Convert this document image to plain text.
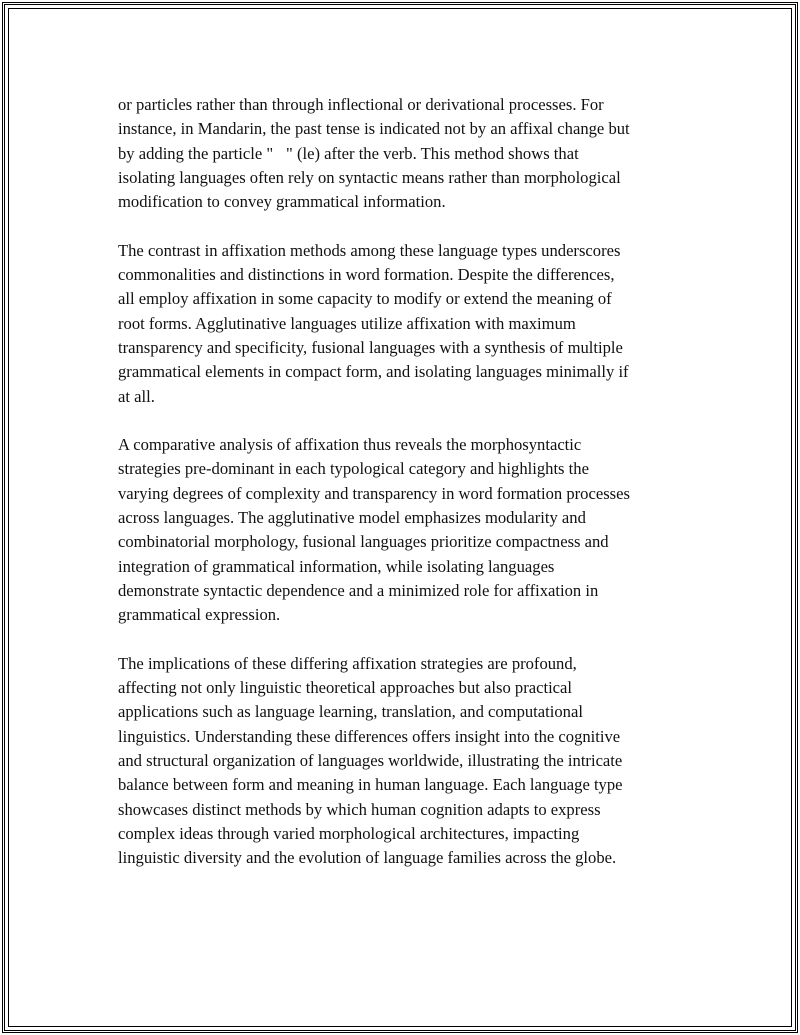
or particles rather than through inflectional or derivational processes. For
instance, in Mandarin, the past tense is indicated not by an affixal change but
by adding the particle " " (le) after the verb. This method shows that
isolating languages often rely on syntactic means rather than morphological
modification to convey grammatical information.

The contrast in affixation methods among these language types underscores
commonalities and distinctions in word formation. Despite the differences,
all employ affixation in some capacity to modify or extend the meaning of
root forms. Agglutinative languages utilize affixation with maximum
transparency and specificity, fusional languages with a synthesis of multiple
grammatical elements in compact form, and isolating languages minimally if
at all.

A comparative analysis of affixation thus reveals the morphosyntactic
strategies pre-dominant in each typological category and highlights the
varying degrees of complexity and transparency in word formation processes
across languages. The agglutinative model emphasizes modularity and
combinatorial morphology, fusional languages prioritize compactness and
integration of grammatical information, while isolating languages
demonstrate syntactic dependence and a minimized role for affixation in
grammatical expression.

The implications of these differing affixation strategies are profound,
affecting not only linguistic theoretical approaches but also practical
applications such as language learning, translation, and computational
linguistics. Understanding these differences offers insight into the cognitive
and structural organization of languages worldwide, illustrating the intricate
balance between form and meaning in human language. Each language type
showcases distinct methods by which human cognition adapts to express
complex ideas through varied morphological architectures, impacting
linguistic diversity and the evolution of language families across the globe.
